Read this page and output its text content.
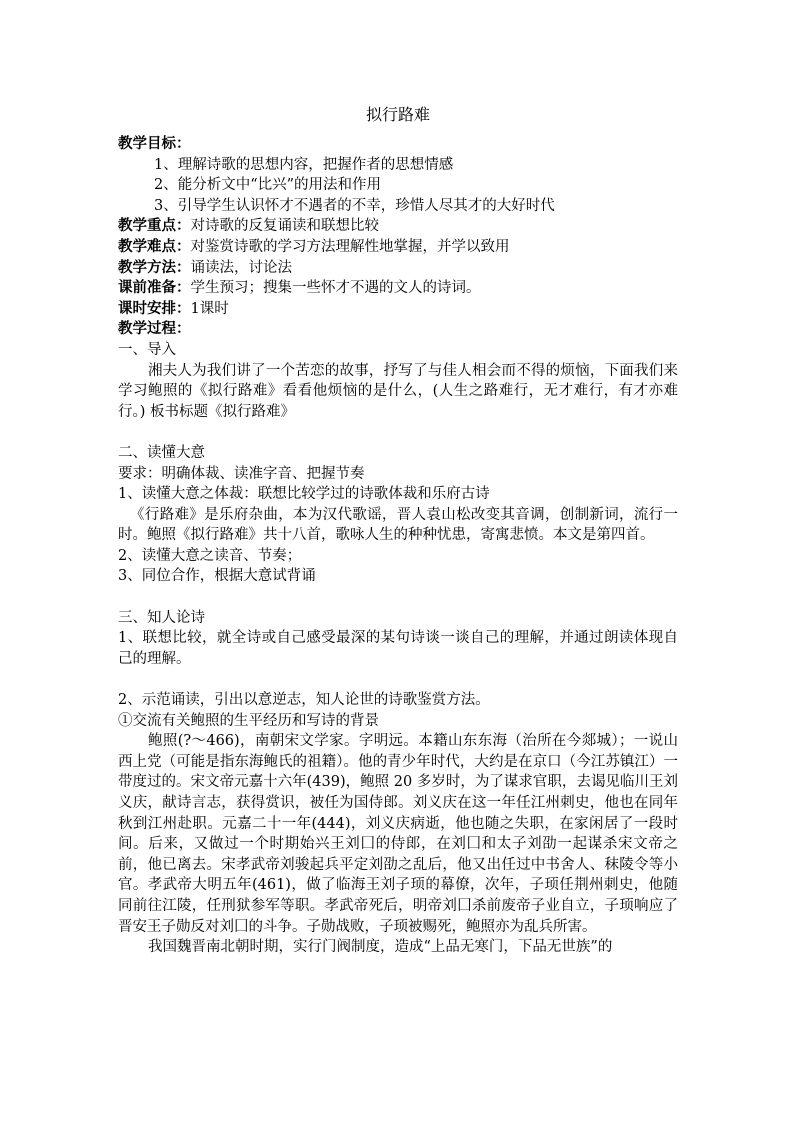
拟行路难

教学目标：

1、理解诗歌的思想内容，把握作者的思想情感

2、能分析文中“比兴”的用法和作用

3、引导学生认识怀才不遇者的不幸，珍惜人尽其才的大好时代

教学重点：对诗歌的反复诵读和联想比较

教学难点：对鉴赏诗歌的学习方法理解性地掌握，并学以致用

教学方法：诵读法，讨论法

课前准备：学生预习；搜集一些怀才不遇的文人的诗词。

课时安排：1课时

教学过程：

一、导入

湘夫人为我们讲了一个苦恋的故事，抒写了与佳人相会而不得的烦恼，下面我们来学习鲍照的《拟行路难》看看他烦恼的是什么，(人生之路难行，无才难行，有才亦难行。) 板书标题《拟行路难》

二、读懂大意

要求：明确体裁、读准字音、把握节奏

1、读懂大意之体裁：联想比较学过的诗歌体裁和乐府古诗

《行路难》是乐府杂曲，本为汉代歌谣，晋人袁山松改变其音调，创制新词，流行一时。鲍照《拟行路难》共十八首，歌咏人生的种种忧患，寄寓悲愤。本文是第四首。

2、读懂大意之读音、节奏；

3、同位合作，根据大意试背诵

三、知人论诗

1、联想比较，就全诗或自己感受最深的某句诗谈一谈自己的理解，并通过朗读体现自己的理解。

2、示范诵读，引出以意逆志，知人论世的诗歌鉴赏方法。

①交流有关鲍照的生平经历和写诗的背景

鲍照(?～466)，南朝宋文学家。字明远。本籍山东东海（治所在今郯城）；一说山西上党（可能是指东海鲍氏的祖籍）。他的青少年时代，大约是在京口（今江苏镇江）一带度过的。宋文帝元嘉十六年(439)，鲍照 20 多岁时，为了谋求官职，去谒见临川王刘义庆，献诗言志，获得赏识，被任为国侍郎。刘义庆在这一年任江州刺史，他也在同年秋到江州赴职。元嘉二十一年(444)，刘义庆病逝，他也随之失职，在家闲居了一段时间。后来，又做过一个时期始兴王刘囗的侍郎，在刘囗和太子刘劭一起谋杀宋文帝之前，他已离去。宋孝武帝刘骏起兵平定刘劭之乱后，他又出任过中书舍人、秣陵令等小官。孝武帝大明五年(461)，做了临海王刘子顼的幕僚，次年，子顼任荆州刺史，他随同前往江陵，任刑狱参军等职。孝武帝死后，明帝刘囗杀前废帝子业自立，子顼响应了晋安王子勋反对刘囗的斗争。子勋战败，子顼被赐死，鲍照亦为乱兵所害。

我国魏晋南北朝时期，实行门阀制度，造成“上品无寒门，下品无世族”的
